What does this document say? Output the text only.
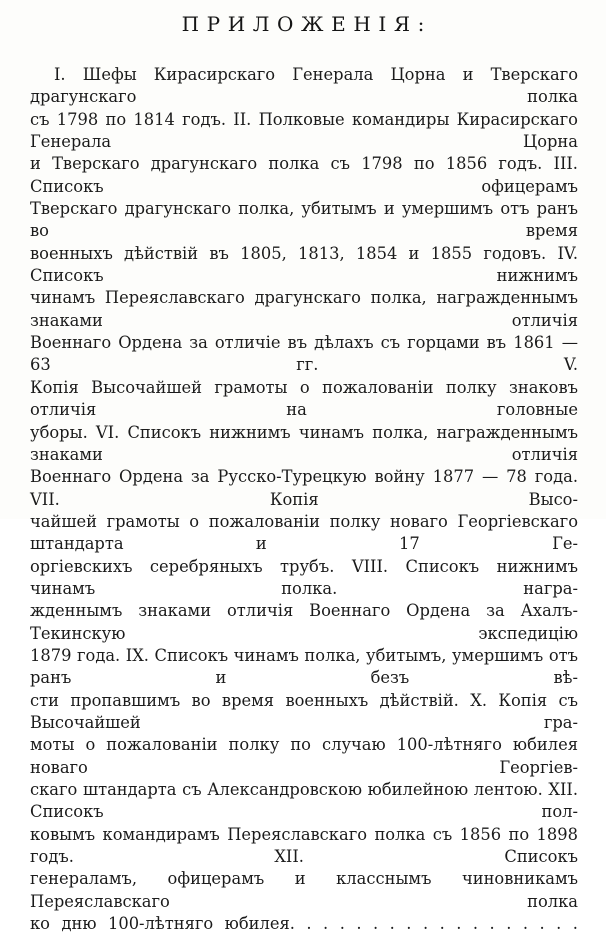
ПРИЛОЖЕНІЯ:
I. Шефы Кирасирскаго Генерала Цорна и Тверскаго драгунскаго полка
съ 1798 по 1814 годъ. II. Полковые командиры Кирасирскаго Генерала Цорна
и Тверскаго драгунскаго полка съ 1798 по 1856 годъ. III. Списокъ офицерамъ
Тверскаго драгунскаго полка, убитымъ и умершимъ отъ ранъ во время
военныхъ дѣйствій въ 1805, 1813, 1854 и 1855 годовъ. IV. Списокъ нижнимъ
чинамъ Переяславскаго драгунскаго полка, награжденнымъ знаками отличія
Военнаго Ордена за отличіе въ дѣлахъ съ горцами въ 1861 — 63 гг. V.
Копія Высочайшей грамоты о пожалованіи полку знаковъ отличія на головные
уборы. VI. Списокъ нижнимъ чинамъ полка, награжденнымъ знаками отличія
Военнаго Ордена за Русско-Турецкую войну 1877 — 78 года. VII. Копія Высо-
чайшей грамоты о пожалованіи полку новаго Георгіевскаго штандарта и 17 Ге-
оргіевскихъ серебряныхъ трубъ. VIII. Списокъ нижнимъ чинамъ полка. награ-
жденнымъ знаками отличія Военнаго Ордена за Ахалъ-Текинскую экспедицію
1879 года. IX. Списокъ чинамъ полка, убитымъ, умершимъ отъ ранъ и безъ вѣ-
сти пропавшимъ во время военныхъ дѣйствій. X. Копія съ Высочайшей гра-
моты о пожалованіи полку по случаю 100-лѣтняго юбилея новаго Георгіев-
скаго штандарта съ Александровскою юбилейною лентою. XII. Списокъ пол-
ковымъ командирамъ Переяславскаго полка съ 1856 по 1898 годъ. XII. Списокъ
генераламъ, офицерамъ и класснымъ чиновникамъ Переяславскаго полка
ко дню 100-лѣтняго юбилея. . . . . . . . . . . . . . . . . .
